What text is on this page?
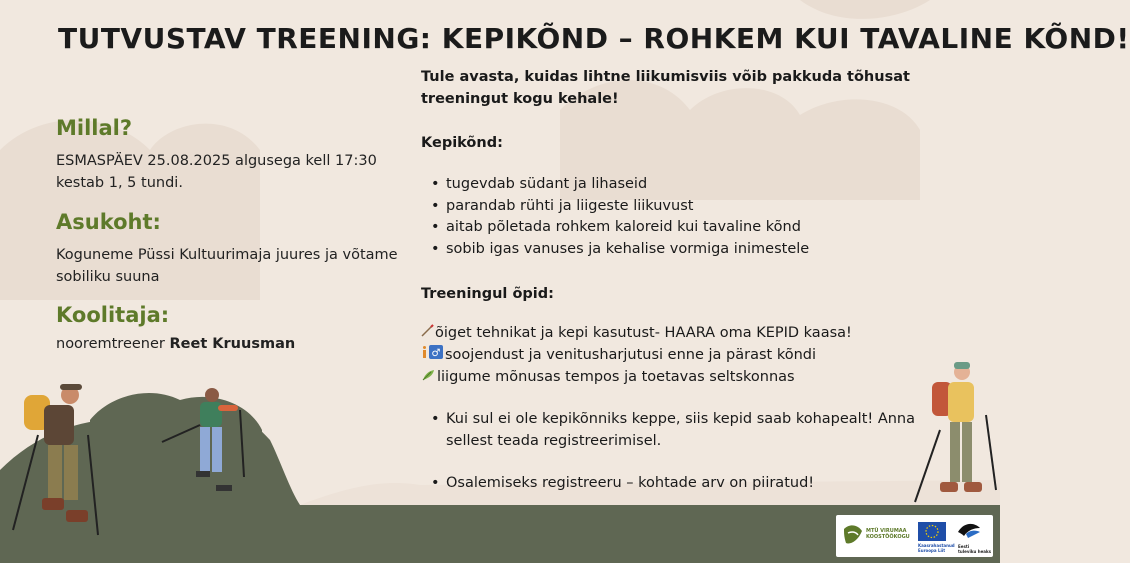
TUTVUSTAV TREENING: KEPIKÕND – ROHKEM KUI TAVALINE KÕND!
Millal?
ESMASPÄEV 25.08.2025 algusega kell 17:30
kestab 1, 5 tundi.
Asukoht:
Koguneme Püssi Kultuurimaja juures ja võtame
sobiliku suuna
Koolitaja:
nooremtreener Reet Kruusman
Tule avasta, kuidas lihtne liikumisviis võib pakkuda tõhusat
treeningut kogu kehale!
Kepikõnd:
• tugevdab südant ja lihaseid
• parandab rühti ja liigeste liikuvust
• aitab põletada rohkem kaloreid kui tavaline kõnd
• sobib igas vanuses ja kehalise vormiga inimestele
Treeningul õpid:
õiget tehnikat ja kepi kasutust- HAARA oma KEPID kaasa!
♂ soojendust ja venitusharjutusi enne ja pärast kõndi
liigume mõnusas tempos ja toetavas seltskonnas
• Kui sul ei ole kepikõnniks keppe, siis kepid saab kohapealt! Anna
sellest teada registreerimisel.
• Osalemiseks registreeru – kohtade arv on piiratud!
MTÜ VIRUMAA
KOOSTÖÖKOGU
Kaasrahastanud
Euroopa Liit
Eesti
tuleviku heaks
